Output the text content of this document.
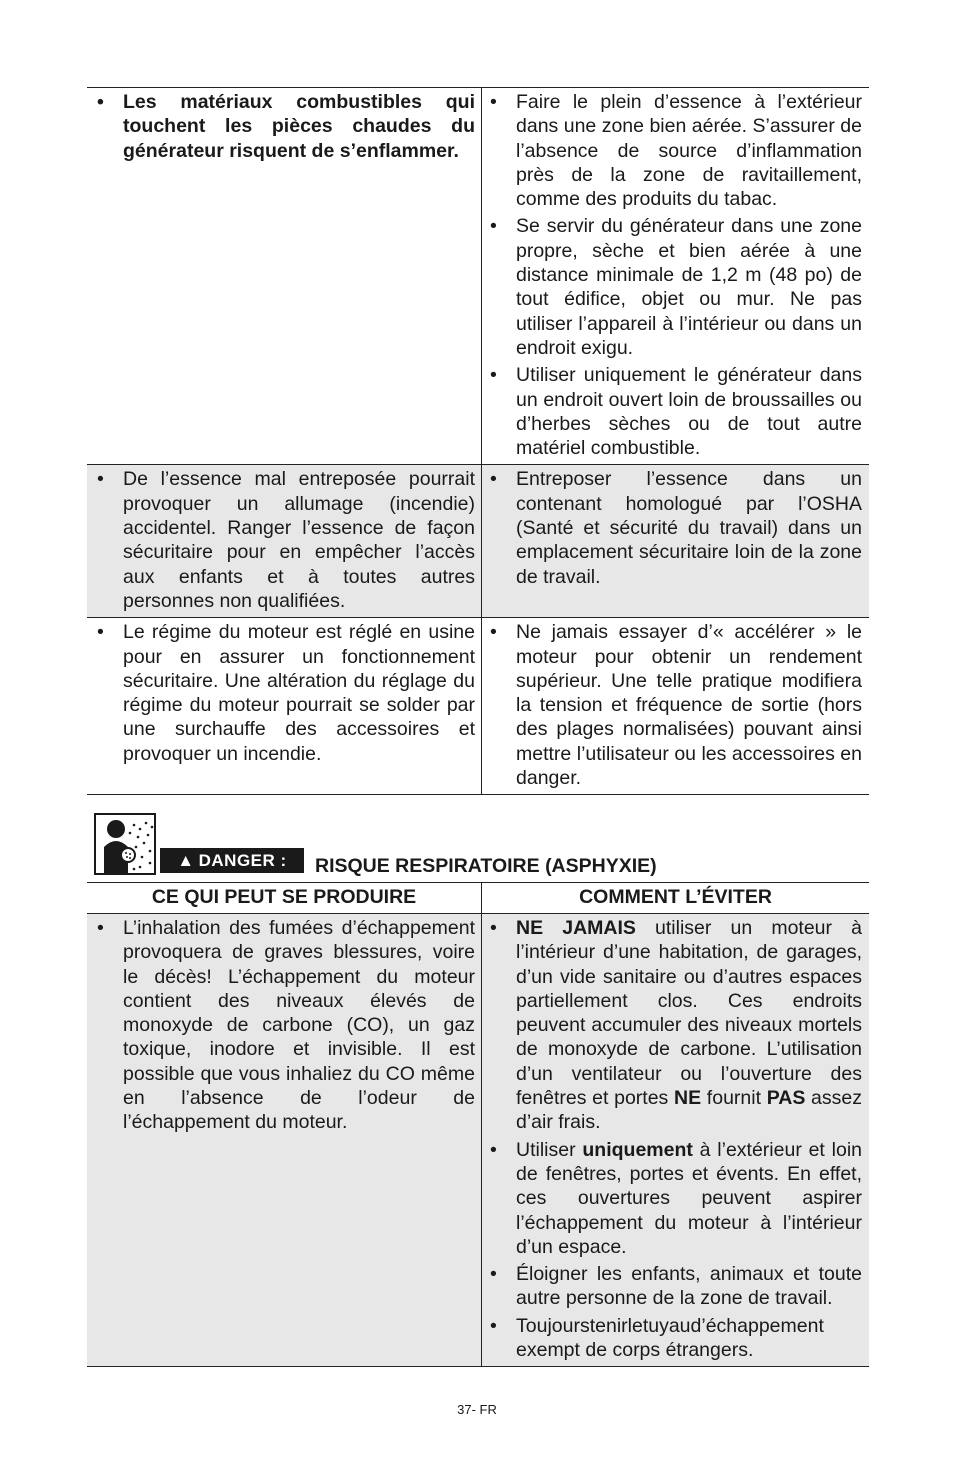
• Les matériaux combustibles qui touchent les pièces chaudes du générateur risquent de s’enflammer.
• Faire le plein d’essence à l’extérieur dans une zone bien aérée. S’assurer de l’absence de source d’inflammation près de la zone de ravitaillement, comme des produits du tabac.
• Se servir du générateur dans une zone propre, sèche et bien aérée à une distance minimale de 1,2 m (48 po) de tout édifice, objet ou mur. Ne pas utiliser l’appareil à l’intérieur ou dans un endroit exigu.
• Utiliser uniquement le générateur dans un endroit ouvert loin de broussailles ou d’herbes sèches ou de tout autre matériel combustible.
• De l’essence mal entreposée pourrait provoquer un allumage (incendie) accidentel. Ranger l’essence de façon sécuritaire pour en empêcher l’accès aux enfants et à toutes autres personnes non qualifiées.
• Entreposer l’essence dans un contenant homologué par l’OSHA (Santé et sécurité du travail) dans un emplacement sécuritaire loin de la zone de travail.
• Le régime du moteur est réglé en usine pour en assurer un fonctionnement sécuritaire. Une altération du réglage du régime du moteur pourrait se solder par une surchauffe des accessoires et provoquer un incendie.
• Ne jamais essayer d’« accélérer » le moteur pour obtenir un rendement supérieur. Une telle pratique modifiera la tension et fréquence de sortie (hors des plages normalisées) pouvant ainsi mettre l’utilisateur ou les accessoires en danger.
▲ DANGER : RISQUE RESPIRATOIRE (ASPHYXIE)
CE QUI PEUT SE PRODUIRE	COMMENT L’ÉVITER
• L’inhalation des fumées d’échappement provoquera de graves blessures, voire le décès! L’échappement du moteur contient des niveaux élevés de monoxyde de carbone (CO), un gaz toxique, inodore et invisible. Il est possible que vous inhaliez du CO même en l’absence de l’odeur de l’échappement du moteur.
• NE JAMAIS utiliser un moteur à l’intérieur d’une habitation, de garages, d’un vide sanitaire ou d’autres espaces partiellement clos. Ces endroits peuvent accumuler des niveaux mortels de monoxyde de carbone. L’utilisation d’un ventilateur ou l’ouverture des fenêtres et portes NE fournit PAS assez d’air frais.
• Utiliser uniquement à l’extérieur et loin de fenêtres, portes et évents. En effet, ces ouvertures peuvent aspirer l’échappement du moteur à l’intérieur d’un espace.
• Éloigner les enfants, animaux et toute autre personne de la zone de travail.
• Toujourstenirletuyaud’échappement exempt de corps étrangers.
37- FR
